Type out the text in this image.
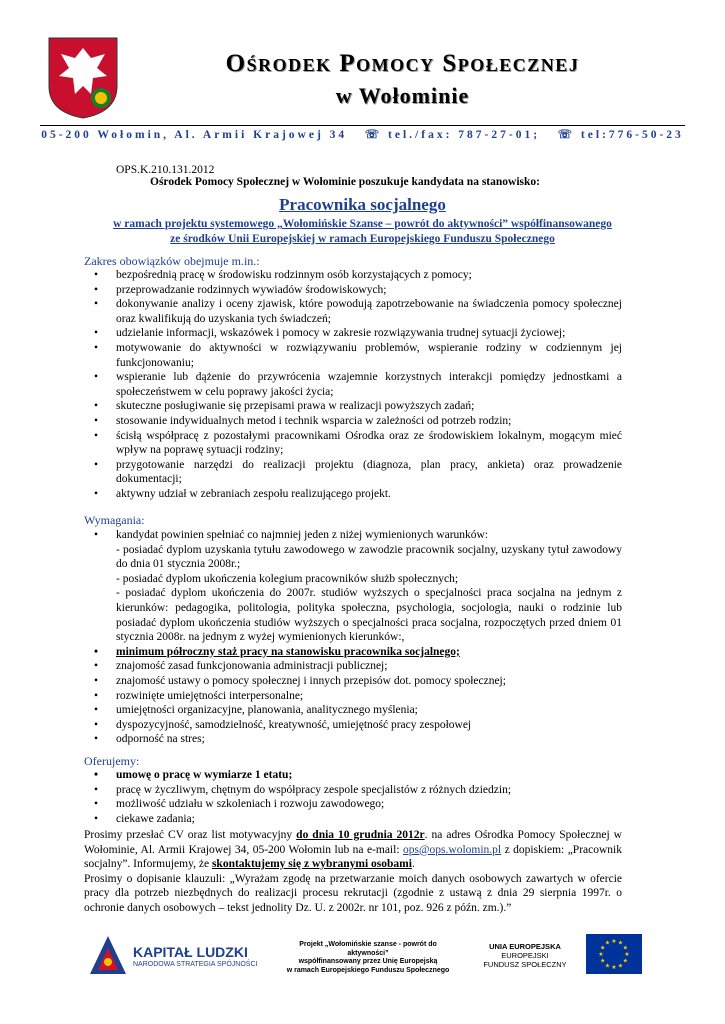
Ośrodek Pomocy Społecznej
w Wołominie
05-200 Wołomin, Al. Armii Krajowej 34 ☏ tel./fax: 787-27-01; ☏ tel:776-50-23
OPS.K.210.131.2012
Ośrodek Pomocy Społecznej w Wołominie poszukuje kandydata na stanowisko:
Pracownika socjalnego
w ramach projektu systemowego „Wołomińskie Szanse – powrót do aktywności” współfinansowanego
ze środków Unii Europejskiej w ramach Europejskiego Funduszu Społecznego
Zakres obowiązków obejmuje m.in.:
• bezpośrednią pracę w środowisku rodzinnym osób korzystających z pomocy;
• przeprowadzanie rodzinnych wywiadów środowiskowych;
• dokonywanie analizy i oceny zjawisk, które powodują zapotrzebowanie na świadczenia pomocy społecznej oraz kwalifikują do uzyskania tych świadczeń;
• udzielanie informacji, wskazówek i pomocy w zakresie rozwiązywania trudnej sytuacji życiowej;
• motywowanie do aktywności w rozwiązywaniu problemów, wspieranie rodziny w codziennym jej funkcjonowaniu;
• wspieranie lub dążenie do przywrócenia wzajemnie korzystnych interakcji pomiędzy jednostkami a społeczeństwem w celu poprawy jakości życia;
• skuteczne posługiwanie się przepisami prawa w realizacji powyższych zadań;
• stosowanie indywidualnych metod i technik wsparcia w zależności od potrzeb rodzin;
• ścisłą współpracę z pozostałymi pracownikami Ośrodka oraz ze środowiskiem lokalnym, mogącym mieć wpływ na poprawę sytuacji rodziny;
• przygotowanie narzędzi do realizacji projektu (diagnoza, plan pracy, ankieta) oraz prowadzenie dokumentacji;
• aktywny udział w zebraniach zespołu realizującego projekt.
Wymagania:
• kandydat powinien spełniać co najmniej jeden z niżej wymienionych warunków:
- posiadać dyplom uzyskania tytułu zawodowego w zawodzie pracownik socjalny, uzyskany tytuł zawodowy do dnia 01 stycznia 2008r.;
- posiadać dyplom ukończenia kolegium pracowników służb społecznych;
- posiadać dyplom ukończenia do 2007r. studiów wyższych o specjalności praca socjalna na jednym z kierunków: pedagogika, politologia, polityka społeczna, psychologia, socjologia, nauki o rodzinie lub posiadać dyplom ukończenia studiów wyższych o specjalności praca socjalna, rozpoczętych przed dniem 01 stycznia 2008r. na jednym z wyżej wymienionych kierunków:,
• minimum półroczny staż pracy na stanowisku pracownika socjalnego;
• znajomość zasad funkcjonowania administracji publicznej;
• znajomość ustawy o pomocy społecznej i innych przepisów dot. pomocy społecznej;
• rozwinięte umiejętności interpersonalne;
• umiejętności organizacyjne, planowania, analitycznego myślenia;
• dyspozycyjność, samodzielność, kreatywność, umiejętność pracy zespołowej
• odporność na stres;
Oferujemy:
• umowę o pracę w wymiarze 1 etatu;
• pracę w życzliwym, chętnym do współpracy zespole specjalistów z różnych dziedzin;
• możliwość udziału w szkoleniach i rozwoju zawodowego;
• ciekawe zadania;
Prosimy przesłać CV oraz list motywacyjny do dnia 10 grudnia 2012r. na adres Ośrodka Pomocy Społecznej w Wołominie, Al. Armii Krajowej 34, 05-200 Wołomin lub na e-mail: ops@ops.wolomin.pl z dopiskiem: „Pracownik socjalny”. Informujemy, że skontaktujemy się z wybranymi osobami.
Prosimy o dopisanie klauzuli: „Wyrażam zgodę na przetwarzanie moich danych osobowych zawartych w ofercie pracy dla potrzeb niezbędnych do realizacji procesu rekrutacji (zgodnie z ustawą z dnia 29 sierpnia 1997r. o ochronie danych osobowych – tekst jednolity Dz. U. z 2002r. nr 101, poz. 926 z późn. zm.).”
KAPITAŁ LUDZKI
NARODOWA STRATEGIA SPÓJNOŚCI
Projekt „Wołomińskie szanse - powrót do aktywności”
współfinansowany przez Unię Europejską
w ramach Europejskiego Funduszu Społecznego
UNIA EUROPEJSKA
EUROPEJSKI
FUNDUSZ SPOŁECZNY
★ ★
★
★
★
★
★
★
★
★
★
★
